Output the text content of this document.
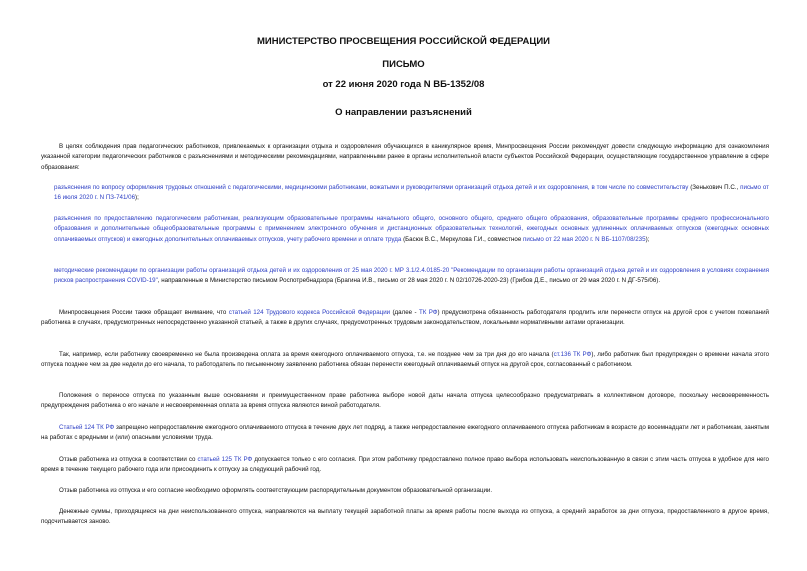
МИНИСТЕРСТВО ПРОСВЕЩЕНИЯ РОССИЙСКОЙ ФЕДЕРАЦИИ
ПИСЬМО
от 22 июня 2020 года N ВБ-1352/08
О направлении разъяснений

В целях соблюдения прав педагогических работников, привлекаемых к организации отдыха и оздоровления обучающихся в каникулярное время, Минпросвещения России рекомендует довести следующую информацию для ознакомления указанной категории педагогических работников с разъяснениями и методическими рекомендациями, направленными ранее в органы исполнительной власти субъектов Российской Федерации, осуществляющие государственное управление в сфере образования:

разъяснения по вопросу оформления трудовых отношений с педагогическими, медицинскими работниками, вожатыми и руководителями организаций отдыха детей и их оздоровления, в том числе по совместительству (Зенькович П.С., письмо от 16 июля 2020 г. N ПЗ-741/06);

разъяснения по предоставлению педагогическим работникам, реализующим образовательные программы начального общего, основного общего, среднего общего образования, образовательные программы среднего профессионального образования и дополнительные общеобразовательные программы с применением электронного обучения и дистанционных образовательных технологий, ежегодных основных удлиненных оплачиваемых отпусков (ежегодных основных оплачиваемых отпусков) и ежегодных дополнительных оплачиваемых отпусков, учету рабочего времени и оплате труда (Басюк В.С., Меркулова Г.И., совместное письмо от 22 мая 2020 г. N ВБ-1107/08/235);

методические рекомендации по организации работы организаций отдыха детей и их оздоровления от 25 мая 2020 г. МР 3.1/2.4.0185-20 "Рекомендации по организации работы организаций отдыха детей и их оздоровления в условиях сохранения рисков распространения COVID-19", направленные в Министерство письмом Роспотребнадзора (Брагина И.В., письмо от 28 мая 2020 г. N 02/10726-2020-23) (Грибов Д.Е., письмо от 29 мая 2020 г. N ДГ-575/06).

Минпросвещения России также обращает внимание, что статьей 124 Трудового кодекса Российской Федерации (далее - ТК РФ) предусмотрена обязанность работодателя продлить или перенести отпуск на другой срок с учетом пожеланий работника в случаях, предусмотренных непосредственно указанной статьей, а также в других случаях, предусмотренных трудовым законодательством, локальными нормативными актами организации.

Так, например, если работнику своевременно не была произведена оплата за время ежегодного оплачиваемого отпуска, т.е. не позднее чем за три дня до его начала (ст.136 ТК РФ), либо работник был предупрежден о времени начала этого отпуска позднее чем за две недели до его начала, то работодатель по письменному заявлению работника обязан перенести ежегодный оплачиваемый отпуск на другой срок, согласованный с работником.

Положения о переносе отпуска по указанным выше основаниям и преимущественном праве работника выборе новой даты начала отпуска целесообразно предусматривать в коллективном договоре, поскольку несвоевременность предупреждения работника о его начале и несвоевременная оплата за время отпуска являются виной работодателя.

Статьей 124 ТК РФ запрещено непредоставление ежегодного оплачиваемого отпуска в течение двух лет подряд, а также непредоставление ежегодного оплачиваемого отпуска работникам в возрасте до восемнадцати лет и работникам, занятым на работах с вредными и (или) опасными условиями труда.

Отзыв работника из отпуска в соответствии со статьей 125 ТК РФ допускается только с его согласия. При этом работнику предоставлено полное право выбора использовать неиспользованную в связи с этим часть отпуска в удобное для него время в течение текущего рабочего года или присоединить к отпуску за следующий рабочий год.

Отзыв работника из отпуска и его согласие необходимо оформлять соответствующим распорядительным документом образовательной организации.

Денежные суммы, приходящиеся на дни неиспользованного отпуска, направляются на выплату текущей заработной платы за время работы после выхода из отпуска, а средний заработок за дни отпуска, предоставленного в другое время, подсчитывается заново.
